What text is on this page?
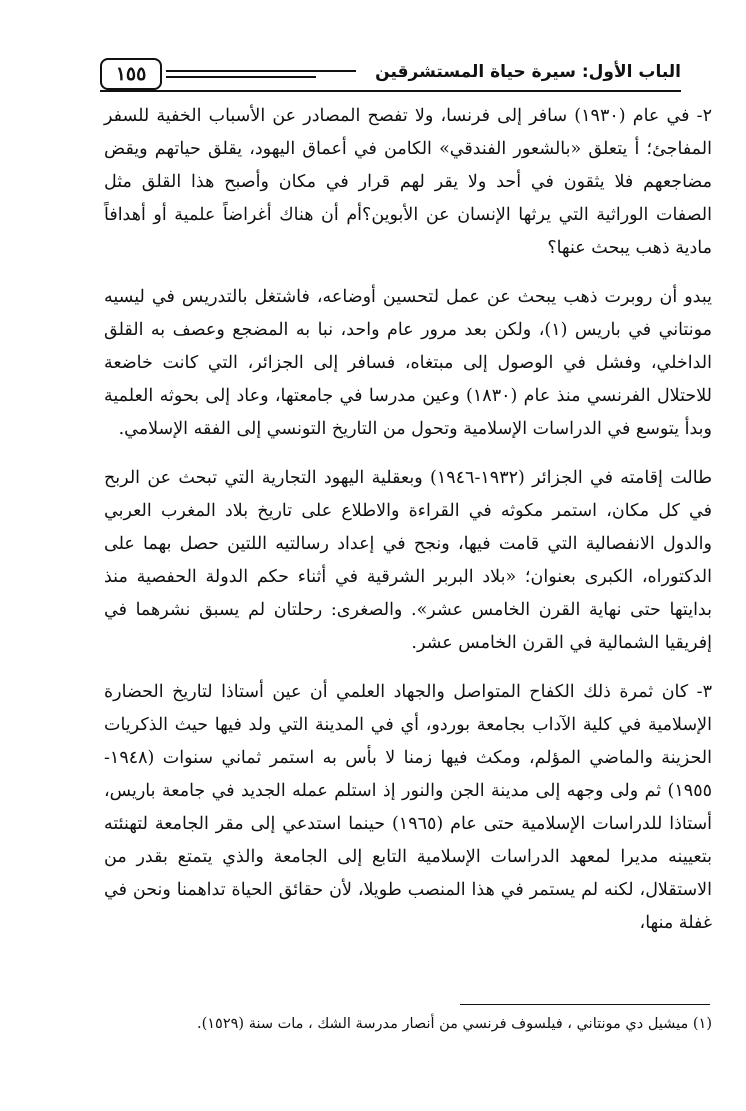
الباب الأول: سيرة حياة المستشرقين
١٥٥

٢- في عام (١٩٣٠) سافر إلى فرنسا، ولا تفصح المصادر عن الأسباب الخفية للسفر المفاجئ؛ أ يتعلق «بالشعور الفندقي» الكامن في أعماق اليهود، يقلق حياتهم ويقض مضاجعهم فلا يثقون في أحد ولا يقر لهم قرار في مكان وأصبح هذا القلق مثل الصفات الوراثية التي يرثها الإنسان عن الأبوين؟أم أن هناك أغراضاً علمية أو أهدافاً مادية ذهب يبحث عنها؟

يبدو أن روبرت ذهب يبحث عن عمل لتحسين أوضاعه، فاشتغل بالتدريس في ليسيه مونتاني في باريس (١)، ولكن بعد مرور عام واحد، نبا به المضجع وعصف به القلق الداخلي، وفشل في الوصول إلى مبتغاه، فسافر إلى الجزائر، التي كانت خاضعة للاحتلال الفرنسي منذ عام (١٨٣٠) وعين مدرسا في جامعتها، وعاد إلى بحوثه العلمية وبدأ يتوسع في الدراسات الإسلامية وتحول من التاريخ التونسي إلى الفقه الإسلامي.

طالت إقامته في الجزائر (١٩٣٢-١٩٤٦) وبعقلية اليهود التجارية التي تبحث عن الربح في كل مكان، استمر مكوثه في القراءة والاطلاع على تاريخ بلاد المغرب العربي والدول الانفصالية التي قامت فيها، ونجح في إعداد رسالتيه اللتين حصل بهما على الدكتوراه، الكبرى بعنوان؛ «بلاد البربر الشرقية في أثناء حكم الدولة الحفصية منذ بدايتها حتى نهاية القرن الخامس عشر». والصغرى: رحلتان لم يسبق نشرهما في إفريقيا الشمالية في القرن الخامس عشر.

٣- كان ثمرة ذلك الكفاح المتواصل والجهاد العلمي أن عين أستاذا لتاريخ الحضارة الإسلامية في كلية الآداب بجامعة بوردو، أي في المدينة التي ولد فيها حيث الذكريات الحزينة والماضي المؤلم، ومكث فيها زمنا لا بأس به استمر ثماني سنوات (١٩٤٨- ١٩٥٥) ثم ولى وجهه إلى مدينة الجن والنور إذ استلم عمله الجديد في جامعة باريس، أستاذا للدراسات الإسلامية حتى عام (١٩٦٥) حينما استدعي إلى مقر الجامعة لتهنئته بتعيينه مديرا لمعهد الدراسات الإسلامية التابع إلى الجامعة والذي يتمتع بقدر من الاستقلال، لكنه لم يستمر في هذا المنصب طويلا، لأن حقائق الحياة تداهمنا ونحن في غفلة منها،

(١) ميشيل دي مونتاني ، فيلسوف فرنسي من أنصار مدرسة الشك ، مات سنة (١٥٢٩).
